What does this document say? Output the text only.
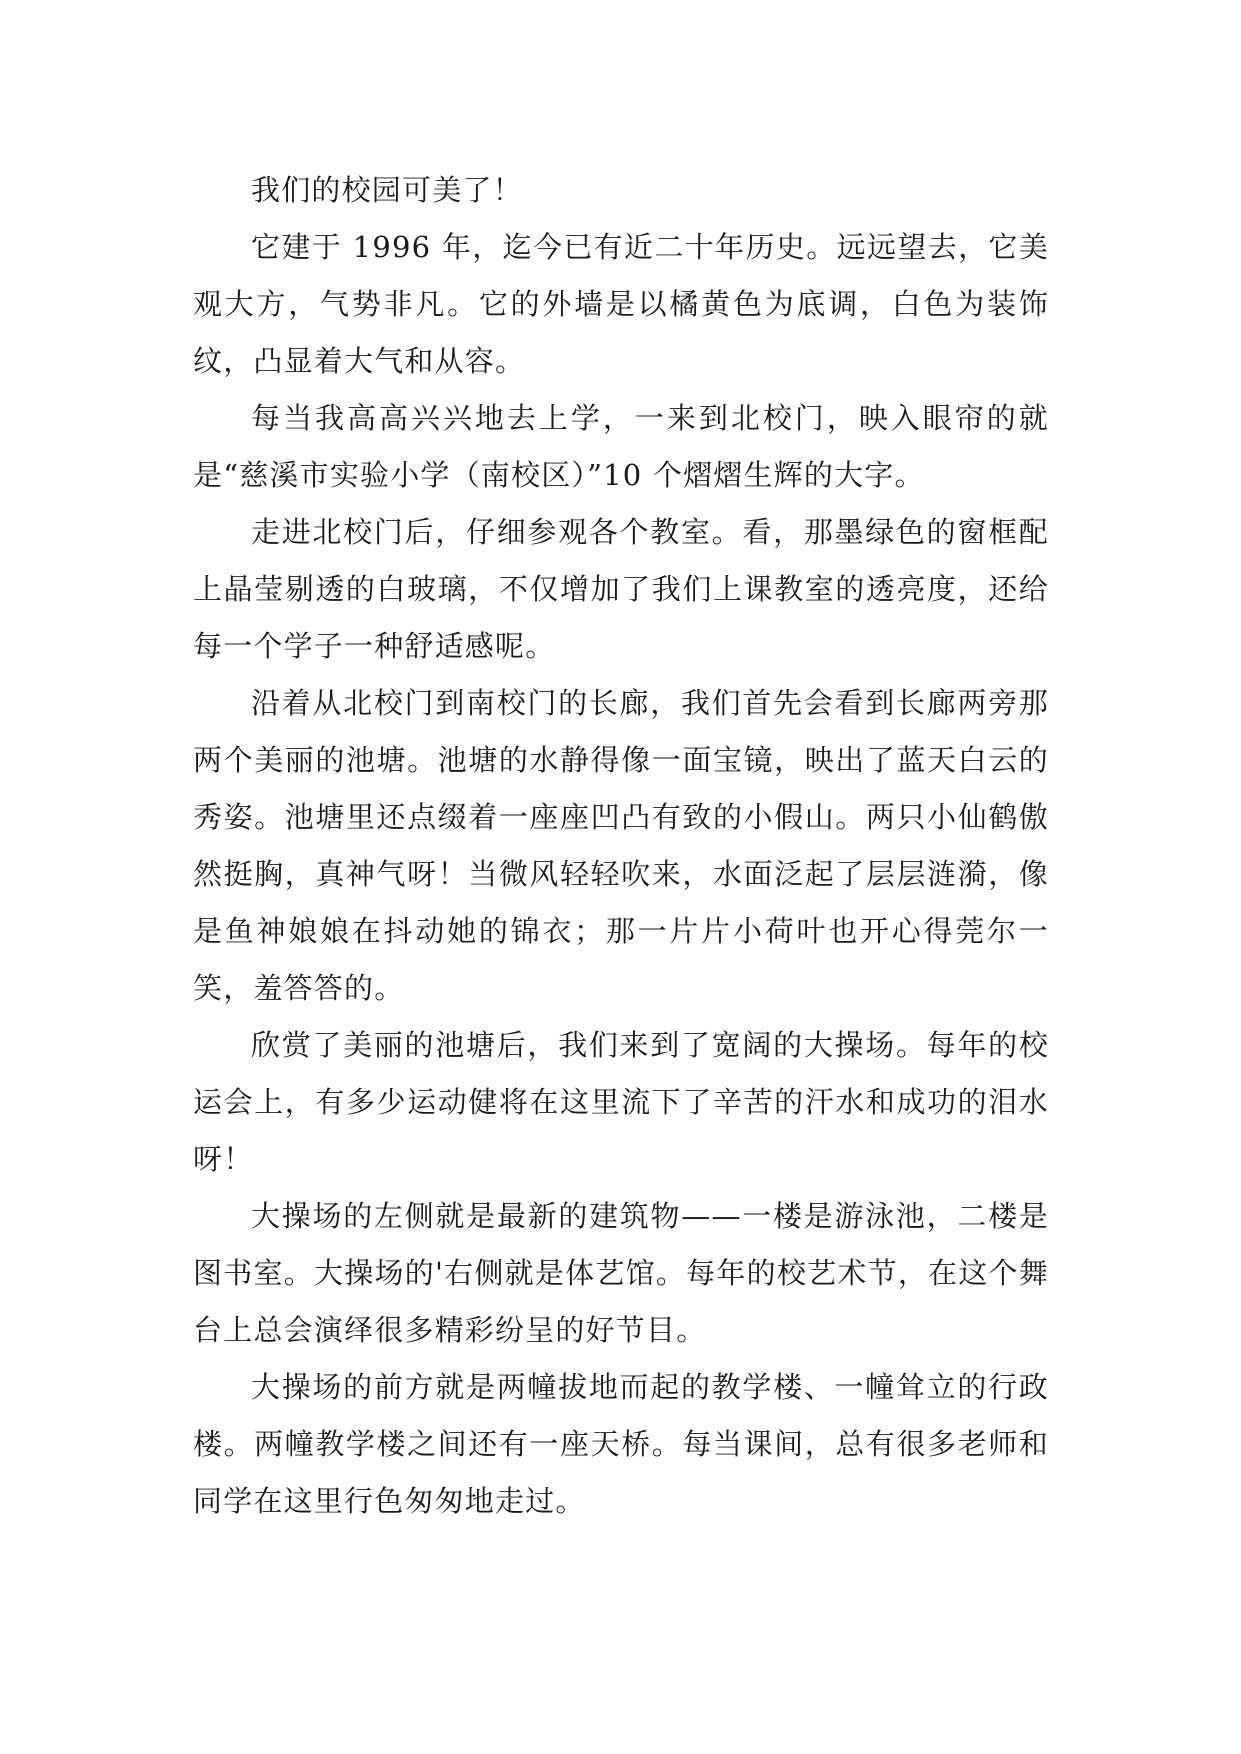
我们的校园可美了！

它建于 1996 年，迄今已有近二十年历史。远远望去，它美观大方，气势非凡。它的外墙是以橘黄色为底调，白色为装饰纹，凸显着大气和从容。

每当我高高兴兴地去上学，一来到北校门，映入眼帘的就是“慈溪市实验小学（南校区）”10 个熠熠生辉的大字。

走进北校门后，仔细参观各个教室。看，那墨绿色的窗框配上晶莹剔透的白玻璃，不仅增加了我们上课教室的透亮度，还给每一个学子一种舒适感呢。

沿着从北校门到南校门的长廊，我们首先会看到长廊两旁那两个美丽的池塘。池塘的水静得像一面宝镜，映出了蓝天白云的秀姿。池塘里还点缀着一座座凹凸有致的小假山。两只小仙鹤傲然挺胸，真神气呀！当微风轻轻吹来，水面泛起了层层涟漪，像是鱼神娘娘在抖动她的锦衣；那一片片小荷叶也开心得莞尔一笑，羞答答的。

欣赏了美丽的池塘后，我们来到了宽阔的大操场。每年的校运会上，有多少运动健将在这里流下了辛苦的汗水和成功的泪水呀！

大操场的左侧就是最新的建筑物——一楼是游泳池，二楼是图书室。大操场的'右侧就是体艺馆。每年的校艺术节，在这个舞台上总会演绎很多精彩纷呈的好节目。

大操场的前方就是两幢拔地而起的教学楼、一幢耸立的行政楼。两幢教学楼之间还有一座天桥。每当课间，总有很多老师和同学在这里行色匆匆地走过。
